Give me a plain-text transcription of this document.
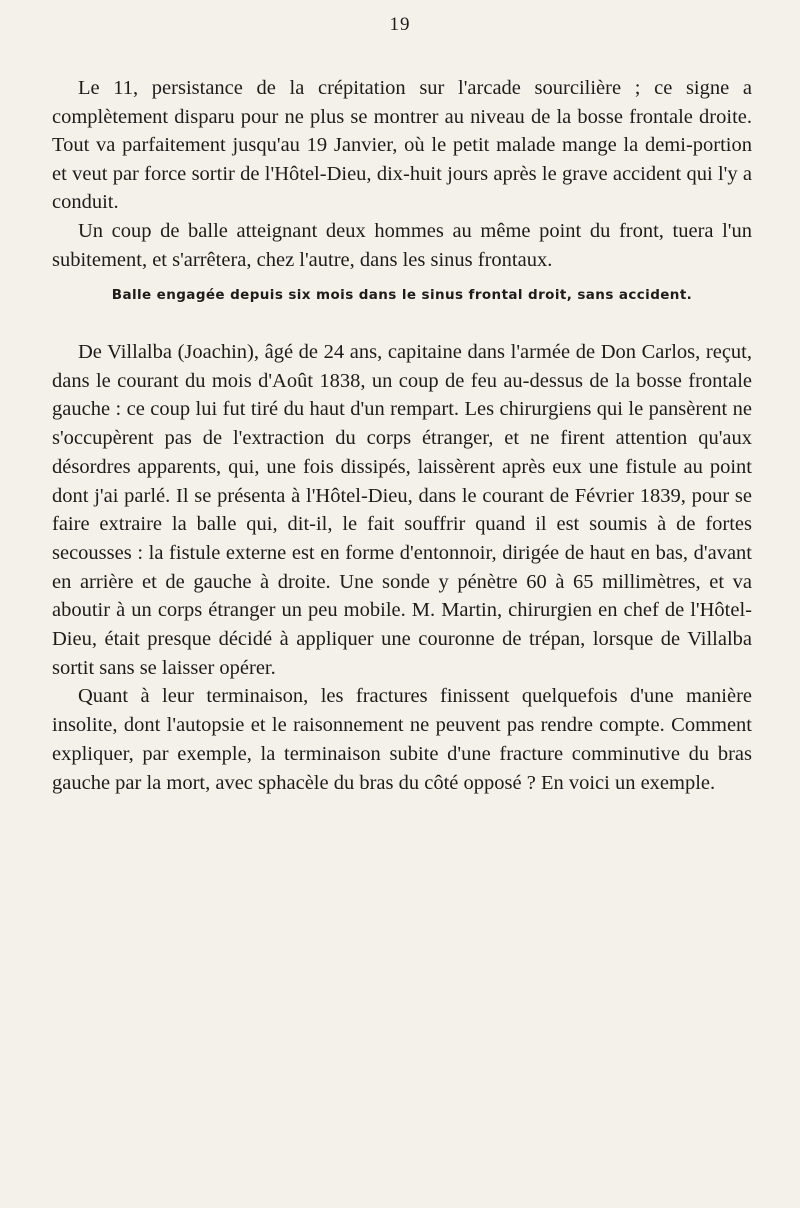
19

Le 11, persistance de la crépitation sur l'arcade sourcilière ; ce signe a complètement disparu pour ne plus se montrer au niveau de la bosse frontale droite. Tout va parfaitement jusqu'au 19 Janvier, où le petit malade mange la demi-portion et veut par force sortir de l'Hôtel-Dieu, dix-huit jours après le grave accident qui l'y a conduit.

Un coup de balle atteignant deux hommes au même point du front, tuera l'un subitement, et s'arrêtera, chez l'autre, dans les sinus frontaux.

Balle engagée depuis six mois dans le sinus frontal droit, sans accident.

De Villalba (Joachin), âgé de 24 ans, capitaine dans l'armée de Don Carlos, reçut, dans le courant du mois d'Août 1838, un coup de feu au-dessus de la bosse frontale gauche : ce coup lui fut tiré du haut d'un rempart. Les chirurgiens qui le pansèrent ne s'occupèrent pas de l'extraction du corps étranger, et ne firent attention qu'aux désordres apparents, qui, une fois dissipés, laissèrent après eux une fistule au point dont j'ai parlé. Il se présenta à l'Hôtel-Dieu, dans le courant de Février 1839, pour se faire extraire la balle qui, dit-il, le fait souffrir quand il est soumis à de fortes secousses : la fistule externe est en forme d'entonnoir, dirigée de haut en bas, d'avant en arrière et de gauche à droite. Une sonde y pénètre 60 à 65 millimètres, et va aboutir à un corps étranger un peu mobile. M. Martin, chirurgien en chef de l'Hôtel-Dieu, était presque décidé à appliquer une couronne de trépan, lorsque de Villalba sortit sans se laisser opérer.

Quant à leur terminaison, les fractures finissent quelquefois d'une manière insolite, dont l'autopsie et le raisonnement ne peuvent pas rendre compte. Comment expliquer, par exemple, la terminaison subite d'une fracture comminutive du bras gauche par la mort, avec sphacèle du bras du côté opposé ? En voici un exemple.
